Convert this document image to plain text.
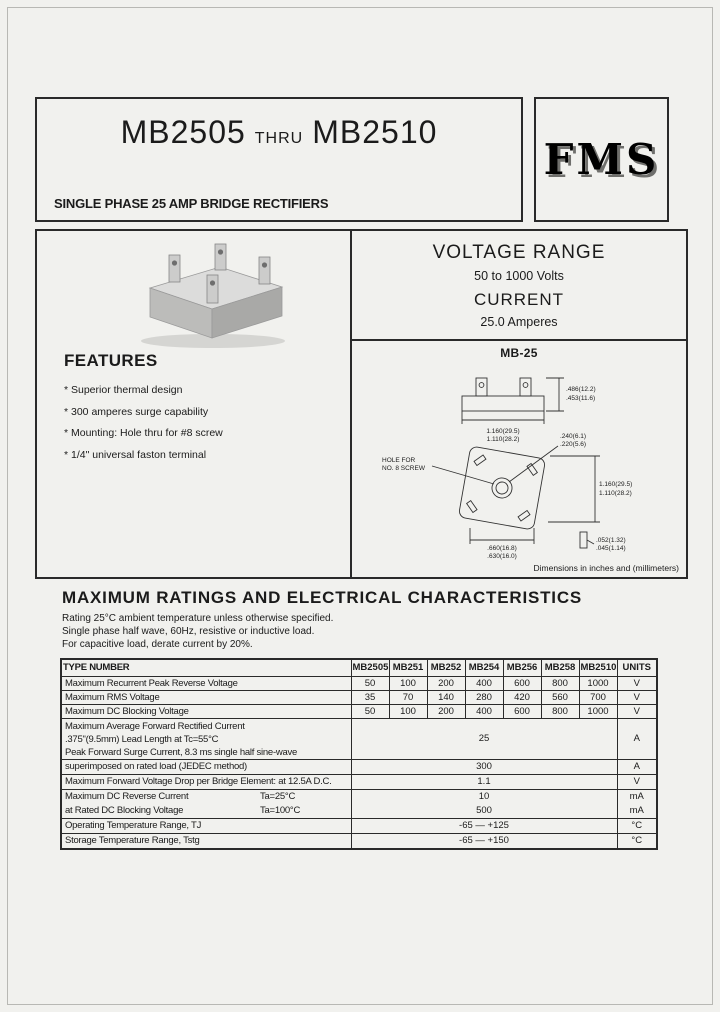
MB2505 THRU MB2510
SINGLE PHASE 25 AMP BRIDGE RECTIFIERS
FMS
FEATURES
* Superior thermal design
* 300 amperes surge capability
* Mounting: Hole thru for #8 screw
* 1/4" universal faston terminal
VOLTAGE RANGE
50 to 1000 Volts
CURRENT
25.0 Amperes
MB-25
.486(12.2)
.453(11.6)
1.160(29.5)
1.110(28.2)
HOLE FOR
NO. 8 SCREW
.240(6.1)
.220(5.6)
1.160(29.5)
1.110(28.2)
.660(16.8)
.630(16.0)
.052(1.32)
.045(1.14)
Dimensions in inches and (millimeters)
MAXIMUM RATINGS AND ELECTRICAL CHARACTERISTICS
Rating 25°C ambient temperature unless otherwise specified.
Single phase half wave, 60Hz, resistive or inductive load.
For capacitive load, derate current by 20%.
TYPE NUMBER	MB2505	MB251	MB252	MB254	MB256	MB258	MB2510	UNITS
Maximum Recurrent Peak Reverse Voltage	50	100	200	400	600	800	1000	V
Maximum RMS Voltage	35	70	140	280	420	560	700	V
Maximum DC Blocking Voltage	50	100	200	400	600	800	1000	V

Maximum Average Forward Rectified Current
.375"(9.5mm) Lead Length at Tc=55°C
Peak Forward Surge Current, 8.3 ms single half sine-wave	25							A
superimposed on rated load (JEDEC method)	300							A
Maximum Forward Voltage Drop per Bridge Element: at 12.5A D.C.	1.1							V

Maximum DC Reverse Current Ta=25°C	10							mA

at Rated DC Blocking Voltage Ta=100°C	500							mA
Operating Temperature Range, TJ	-65 — +125							°C
Storage Temperature Range, Tstg	-65 — +150							°C
